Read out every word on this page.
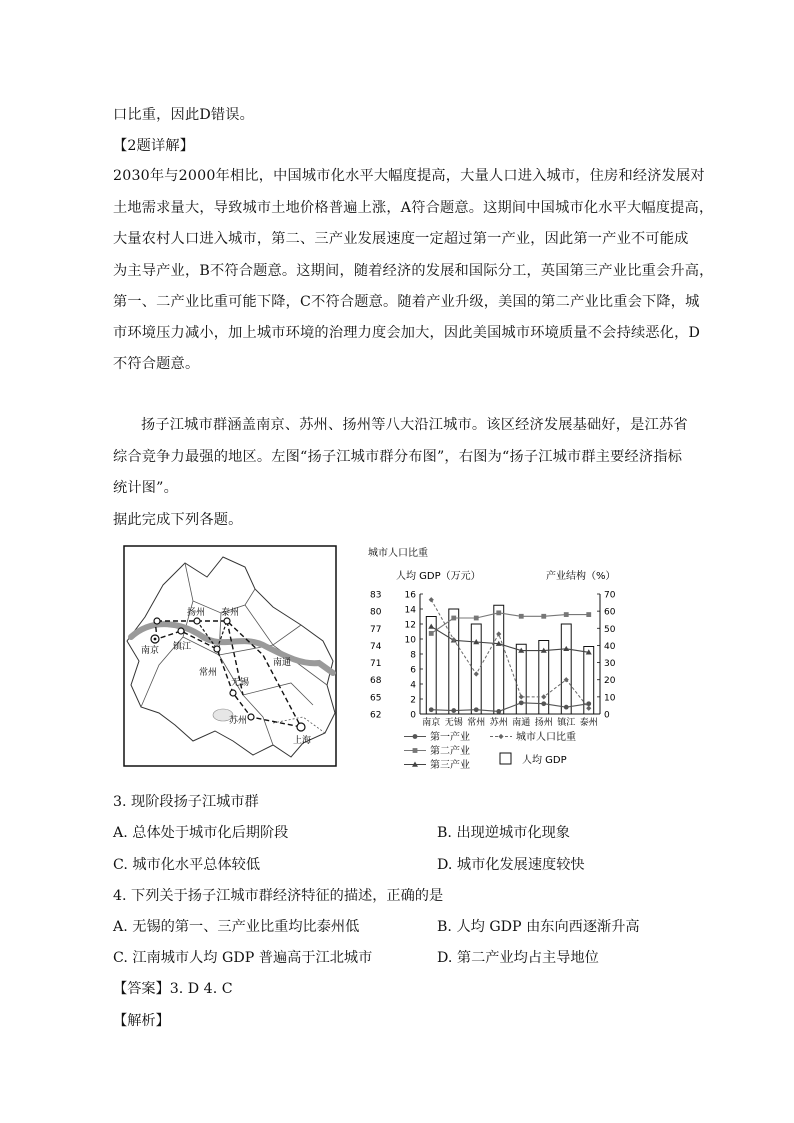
口比重，因此D错误。
【2题详解】
2030年与2000年相比，中国城市化水平大幅度提高，大量人口进入城市，住房和经济发展对
土地需求量大，导致城市土地价格普遍上涨，A符合题意。这期间中国城市化水平大幅度提高，
大量农村人口进入城市，第二、三产业发展速度一定超过第一产业，因此第一产业不可能成
为主导产业，B不符合题意。这期间，随着经济的发展和国际分工，英国第三产业比重会升高，
第一、二产业比重可能下降，C不符合题意。随着产业升级，美国的第二产业比重会下降，城
市环境压力减小，加上城市环境的治理力度会加大，因此美国城市环境质量不会持续恶化，D
不符合题意。
扬子江城市群涵盖南京、苏州、扬州等八大沿江城市。该区经济发展基础好，是江苏省
综合竞争力最强的地区。左图“扬子江城市群分布图”，右图为“扬子江城市群主要经济指标
统计图”。
据此完成下列各题。
扬州 泰州
南京 镇江
南通
常州
无锡
苏州
上海
城市人口比重
人均 GDP（万元）	产业结构（%）
83
80
77
74
71
68
65
62
16
14
12
10
8
6
4
2
0
70
60
50
40
30
20
10
0
南京 无锡 常州 苏州 南通 扬州 镇江 泰州
第一产业	城市人口比重
第二产业
人均 GDP
第三产业
3. 现阶段扬子江城市群
A. 总体处于城市化后期阶段	B. 出现逆城市化现象
C. 城市化水平总体较低	D. 城市化发展速度较快
4. 下列关于扬子江城市群经济特征的描述，正确的是
A. 无锡的第一、三产业比重均比泰州低	B. 人均 GDP 由东向西逐渐升高
C. 江南城市人均 GDP 普遍高于江北城市	D. 第二产业均占主导地位
【答案】3. D 4. C
【解析】
